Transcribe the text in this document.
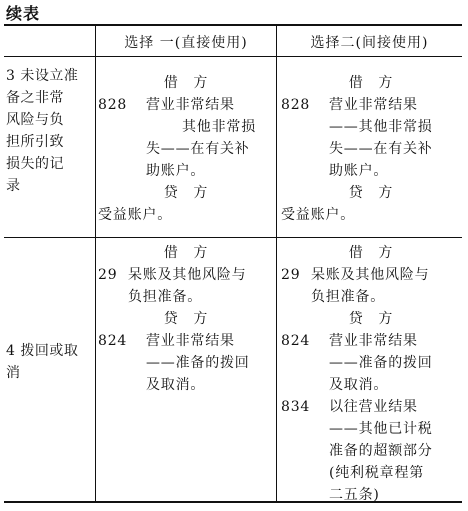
续表
选择 一(直接使用)	选择二(间接使用)
3 未设立准
备之非常
风险与负
担所引致
损失的记
录
借　方
828 营业非常结果
其他非常损
失——在有关补
助账户。
贷　方
受益账户。
借　方
828 营业非常结果
——其他非常损
失——在有关补
助账户。
贷　方
受益账户。
4 拨回或取
消
借　方
29 呆账及其他风险与
负担准备。
贷　方
824 营业非常结果
——准备的拨回
及取消。
借　方
29 呆账及其他风险与
负担准备。
贷　方
824 营业非常结果
——准备的拨回
及取消。
834 以往营业结果
——其他已计税
准备的超额部分
(纯利税章程第
二五条)
